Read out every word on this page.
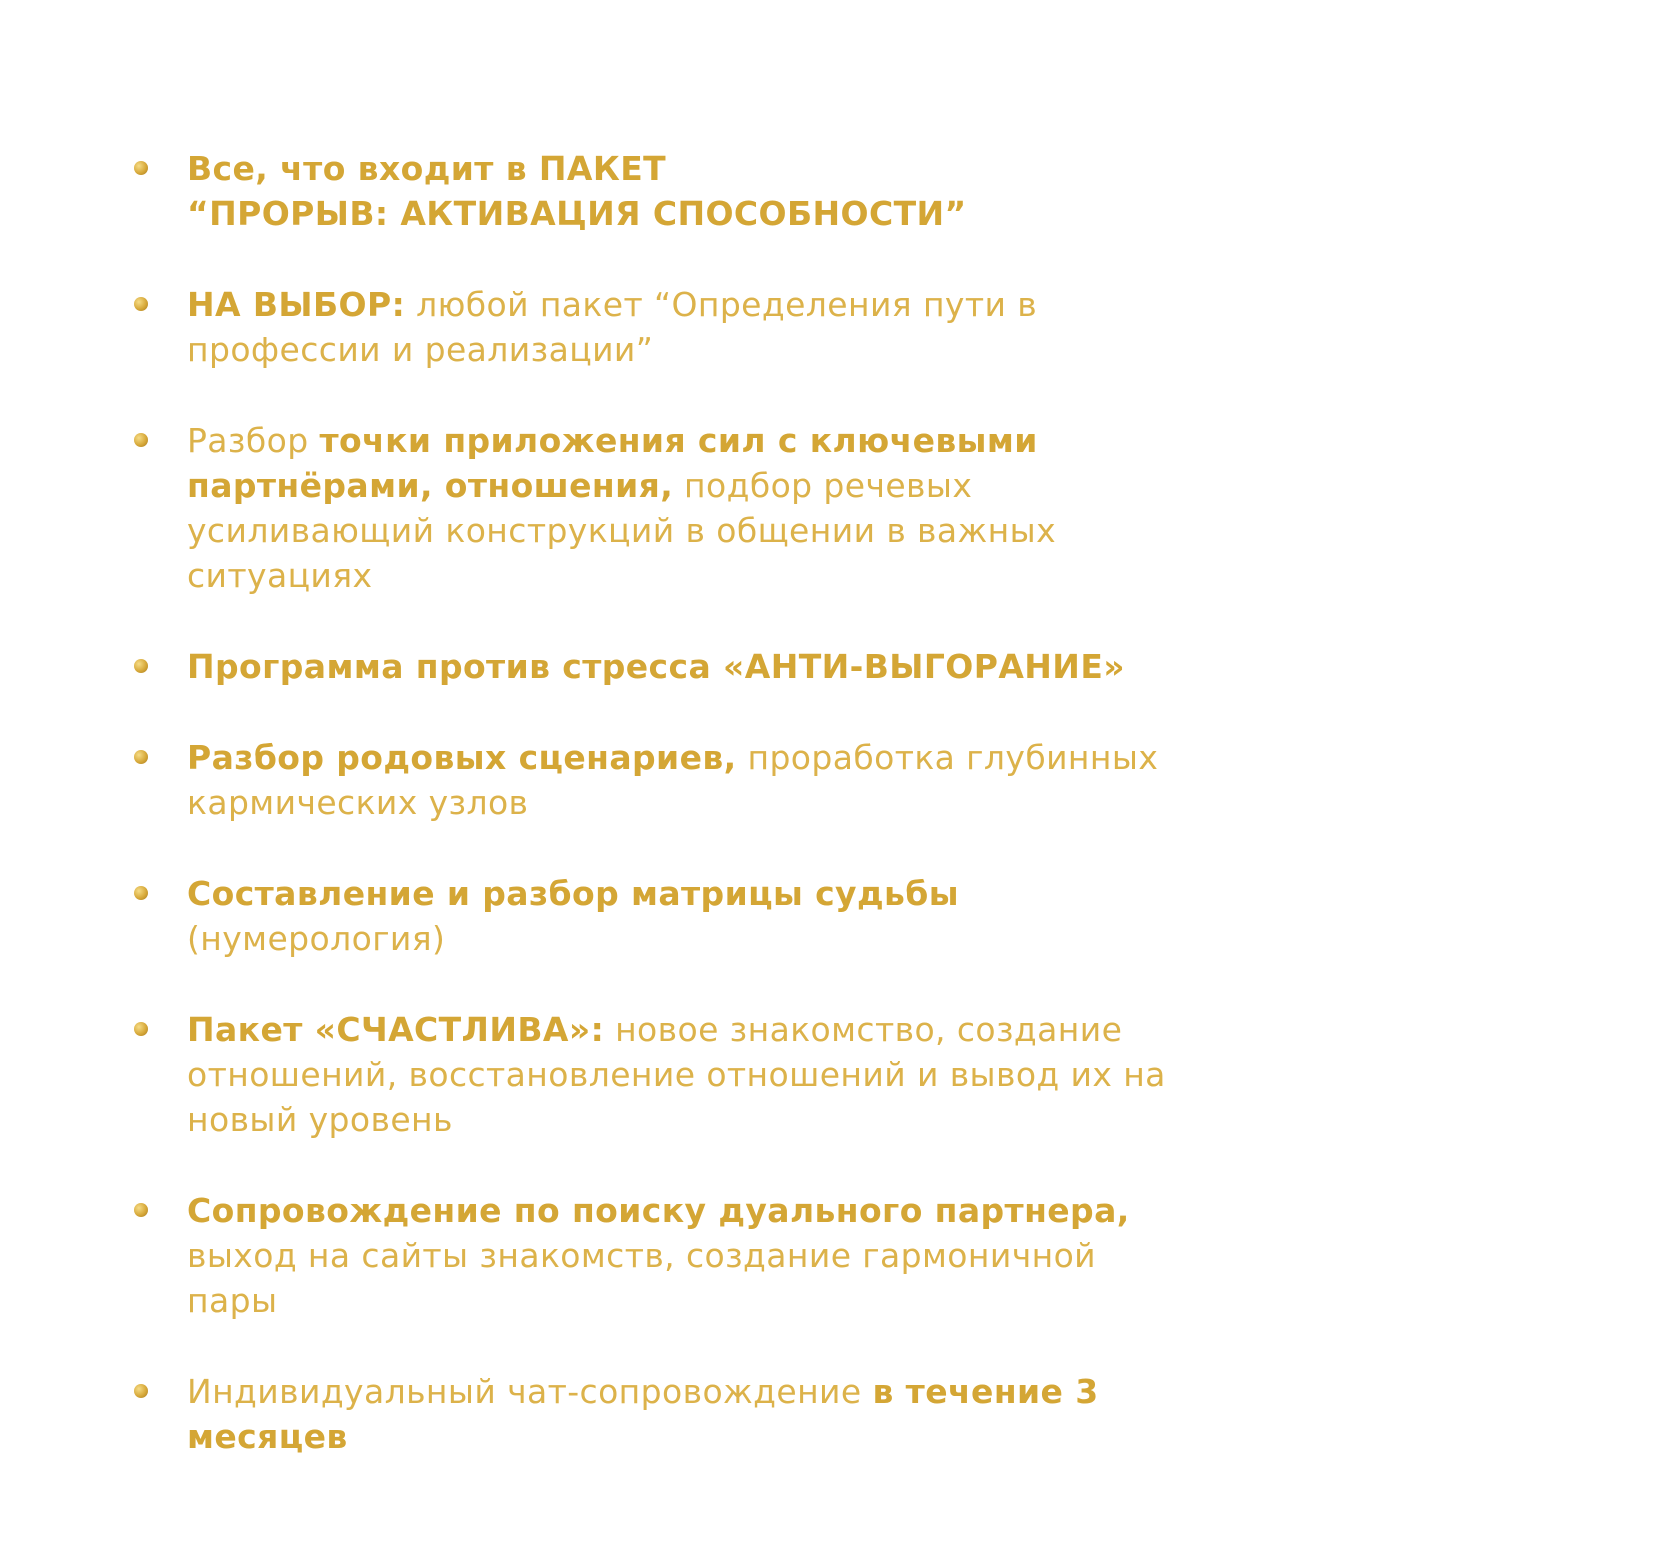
Все, что входит в ПАКЕТ
“ПРОРЫВ: АКТИВАЦИЯ СПОСОБНОСТИ”
НА ВЫБОР: любой пакет “Определения пути в
профессии и реализации”
Разбор точки приложения сил с ключевыми
партнёрами, отношения, подбор речевых
усиливающий конструкций в общении в важных
ситуациях
Программа против стресса «АНТИ-ВЫГОРАНИЕ»
Разбор родовых сценариев, проработка глубинных
кармических узлов
Составление и разбор матрицы судьбы
(нумерология)
Пакет «СЧАСТЛИВА»: новое знакомство, создание
отношений, восстановление отношений и вывод их на
новый уровень
Сопровождение по поиску дуального партнера,
выход на сайты знакомств, создание гармоничной
пары
Индивидуальный чат-сопровождение в течение 3
месяцев
